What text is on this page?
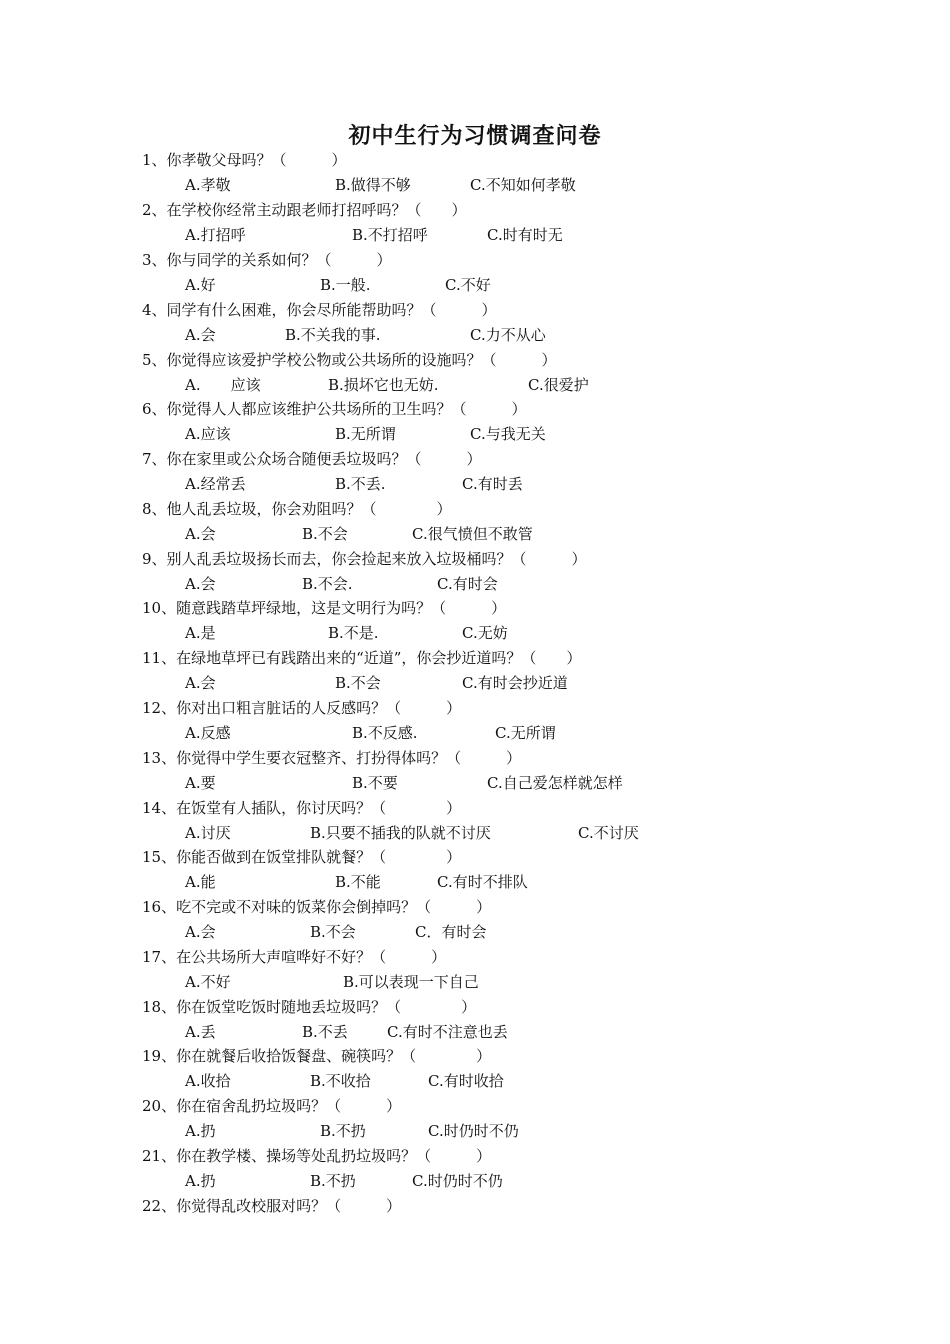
初中生行为习惯调查问卷
1、你孝敬父母吗？（　　　）
A.孝敬	B.做得不够	C.不知如何孝敬
2、在学校你经常主动跟老师打招呼吗？（　　）
A.打招呼	B.不打招呼	C.时有时无
3、你与同学的关系如何？（　　　）
A.好	B.一般.	C.不好
4、同学有什么困难，你会尽所能帮助吗？（　　　）
A.会	B.不关我的事.	C.力不从心
5、你觉得应该爱护学校公物或公共场所的设施吗？（　　　）
A.　　应该	B.损坏它也无妨.	C.很爱护
6、你觉得人人都应该维护公共场所的卫生吗？（　　　）
A.应该	B.无所谓	C.与我无关
7、你在家里或公众场合随便丢垃圾吗？（　　　）
A.经常丢	B.不丢.	C.有时丢
8、他人乱丢垃圾，你会劝阻吗？（　　　　）
A.会	B.不会	C.很气愤但不敢管
9、别人乱丢垃圾扬长而去，你会捡起来放入垃圾桶吗？（　　　）
A.会	B.不会.	C.有时会
10、随意践踏草坪绿地，这是文明行为吗？（　　　）
A.是	B.不是.	C.无妨
11、在绿地草坪已有践踏出来的“近道”，你会抄近道吗？（　　）
A.会	B.不会	C.有时会抄近道
12、你对出口粗言脏话的人反感吗？（　　　）
A.反感	B.不反感.	C.无所谓
13、你觉得中学生要衣冠整齐、打扮得体吗？（　　　）
A.要	B.不要	C.自己爱怎样就怎样
14、在饭堂有人插队，你讨厌吗？（　　　　）
A.讨厌	B.只要不插我的队就不讨厌	C.不讨厌
15、你能否做到在饭堂排队就餐？（　　　　）
A.能	B.不能	C.有时不排队
16、吃不完或不对味的饭菜你会倒掉吗？（　　　）
A.会	B.不会	C．有时会
17、在公共场所大声喧哗好不好？（　　　）
A.不好	B.可以表现一下自己
18、你在饭堂吃饭时随地丢垃圾吗？（　　　　）
A.丢	B.不丢	C.有时不注意也丢
19、你在就餐后收拾饭餐盘、碗筷吗？（　　　　）
A.收拾	B.不收拾	C.有时收拾
20、你在宿舍乱扔垃圾吗？（　　　）
A.扔	B.不扔	C.时仍时不仍
21、你在教学楼、操场等处乱扔垃圾吗？（　　　）
A.扔	B.不扔	C.时仍时不仍
22、你觉得乱改校服对吗？（　　　）
